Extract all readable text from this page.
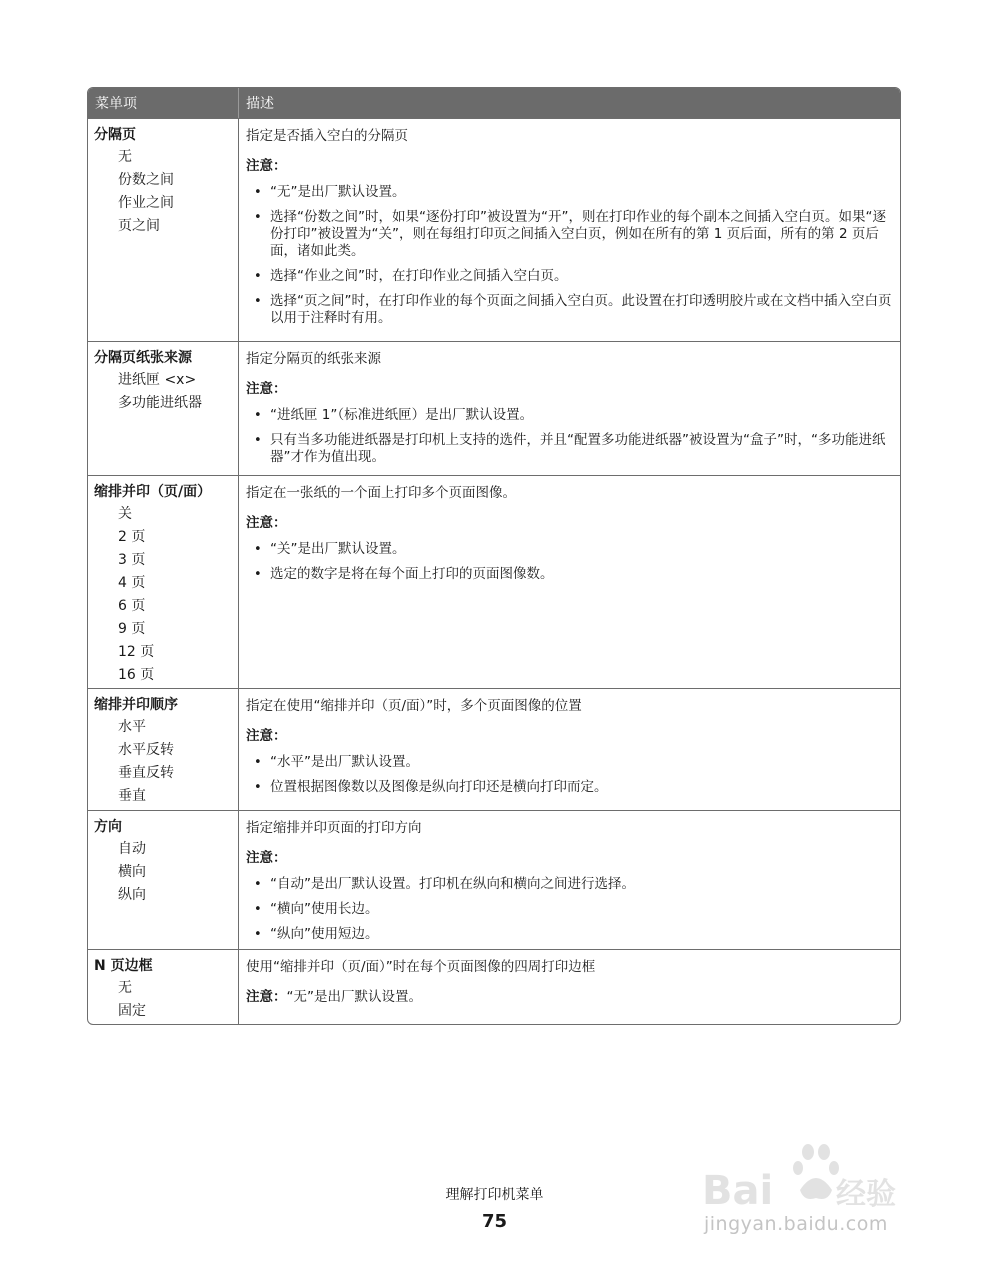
菜单项	描述
分隔页
无
份数之间
作业之间
页之间
指定是否插入空白的分隔页
注意：
• “无”是出厂默认设置。
• 选择“份数之间”时，如果“逐份打印”被设置为“开”，则在打印作业的每个副本之间插入空白页。如果“逐份打印”被设置为“关”，则在每组打印页之间插入空白页，例如在所有的第 1 页后面，所有的第 2 页后面，诸如此类。
• 选择“作业之间”时，在打印作业之间插入空白页。
• 选择“页之间”时，在打印作业的每个页面之间插入空白页。此设置在打印透明胶片或在文档中插入空白页以用于注释时有用。
分隔页纸张来源
进纸匣 <x>
多功能进纸器
指定分隔页的纸张来源
注意：
• “进纸匣 1”（标准进纸匣）是出厂默认设置。
• 只有当多功能进纸器是打印机上支持的选件，并且“配置多功能进纸器”被设置为“盒子”时，“多功能进纸器”才作为值出现。
缩排并印（页/面）
关
2 页
3 页
4 页
6 页
9 页
12 页
16 页
指定在一张纸的一个面上打印多个页面图像。
注意：
• “关”是出厂默认设置。
• 选定的数字是将在每个面上打印的页面图像数。
缩排并印顺序
水平
水平反转
垂直反转
垂直
指定在使用“缩排并印（页/面）”时，多个页面图像的位置
注意：
• “水平”是出厂默认设置。
• 位置根据图像数以及图像是纵向打印还是横向打印而定。
方向
自动
横向
纵向
指定缩排并印页面的打印方向
注意：
• “自动”是出厂默认设置。打印机在纵向和横向之间进行选择。
• “横向”使用长边。
• “纵向”使用短边。
N 页边框
无
固定
使用“缩排并印（页/面）”时在每个页面图像的四周打印边框
注意：“无”是出厂默认设置。
理解打印机菜单
75
Bai 经验
jingyan.baidu.com
